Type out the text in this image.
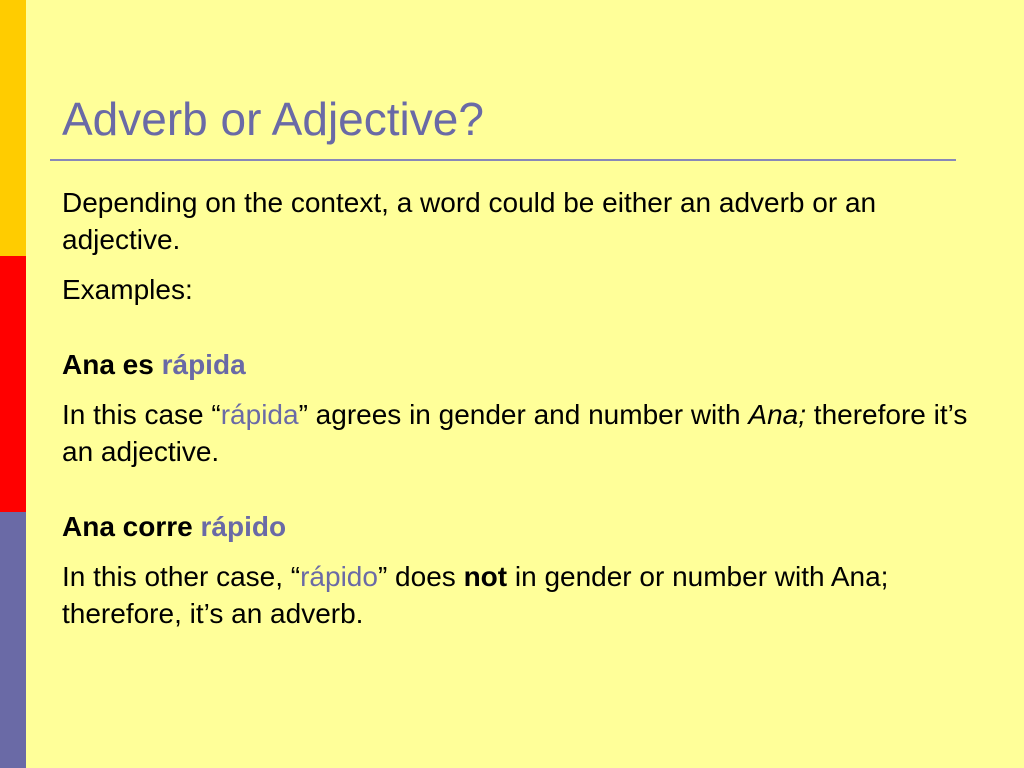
Adverb or Adjective?

Depending on the context, a word could be either an adverb or an adjective.

Examples:

Ana es rápida

In this case “rápida” agrees in gender and number with Ana; therefore it’s an adjective.

Ana corre rápido

In this other case, “rápido” does not in gender or number with Ana; therefore, it’s an adverb.
